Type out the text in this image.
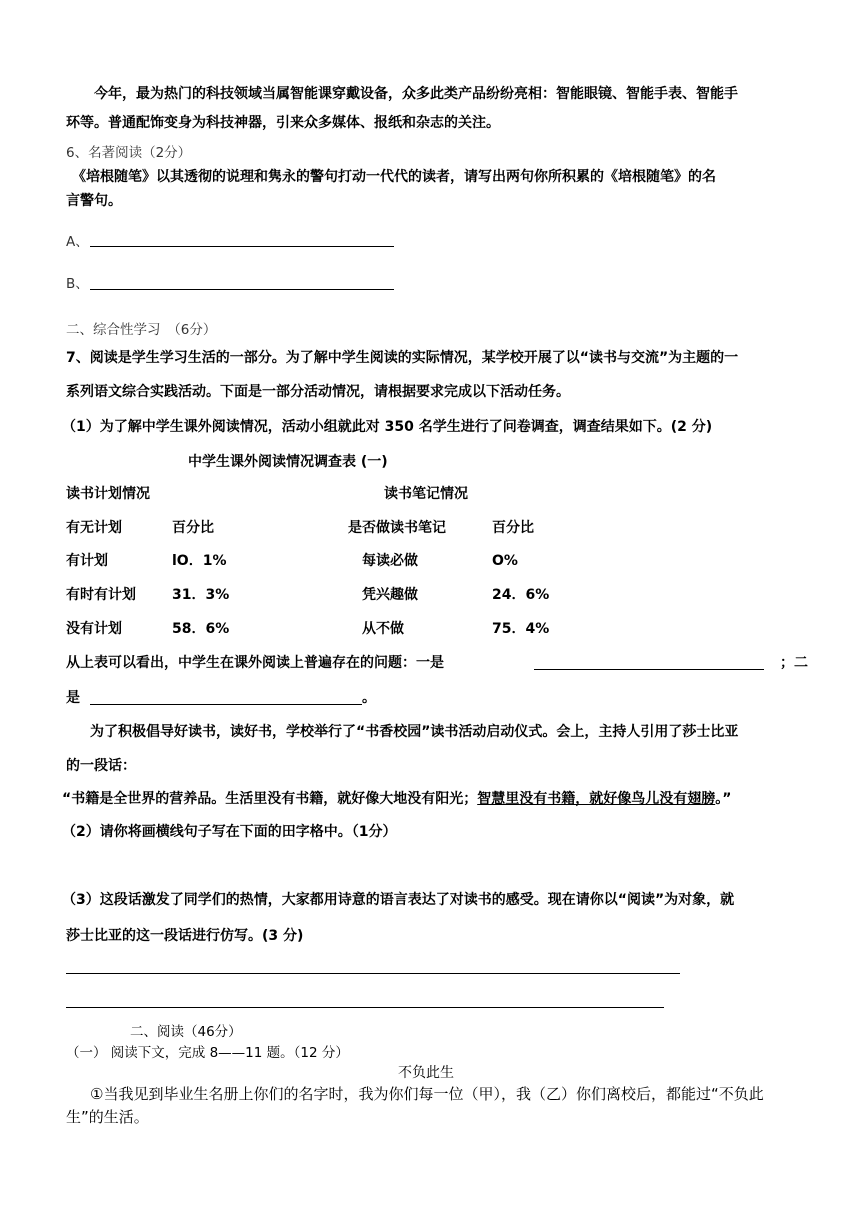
今年，最为热门的科技领域当属智能课穿戴设备，众多此类产品纷纷亮相：智能眼镜、智能手表、智能手
环等。普通配饰变身为科技神器，引来众多媒体、报纸和杂志的关注。
6、名著阅读（2分）
《培根随笔》以其透彻的说理和隽永的警句打动一代代的读者，请写出两句你所积累的《培根随笔》的名
言警句。
A、
B、
二、综合性学习　（6分）
7、阅读是学生学习生活的一部分。为了解中学生阅读的实际情况，某学校开展了以“读书与交流”为主题的一
系列语文综合实践活动。下面是一部分活动情况，请根据要求完成以下活动任务。
（1）为了解中学生课外阅读情况，活动小组就此对 350 名学生进行了问卷调查，调查结果如下。(2 分)
中学生课外阅读情况调查表 (一)
读书计划情况	读书笔记情况
有无计划	百分比	是否做读书笔记	百分比
有计划	lO．1%	每读必做	O%
有时有计划	31．3%	凭兴趣做	24．6%
没有计划	58．6%	从不做	75．4%
从上表可以看出，中学生在课外阅读上普遍存在的问题：一是	；二
是	。
为了积极倡导好读书，读好书，学校举行了“书香校园”读书活动启动仪式。会上，主持人引用了莎士比亚
的一段话：
“书籍是全世界的营养品。生活里没有书籍，就好像大地没有阳光；智慧里没有书籍，就好像鸟儿没有翅膀。”
（2）请你将画横线句子写在下面的田字格中。（1分）
（3）这段话激发了同学们的热情，大家都用诗意的语言表达了对读书的感受。现在请你以“阅读”为对象，就
莎士比亚的这一段话进行仿写。(3 分)
二、阅读（46分）
（一） 阅读下文，完成 8——11 题。（12 分）
不负此生
①当我见到毕业生名册上你们的名字时，我为你们每一位（甲），我（乙）你们离校后，都能过“不负此
生”的生活。
